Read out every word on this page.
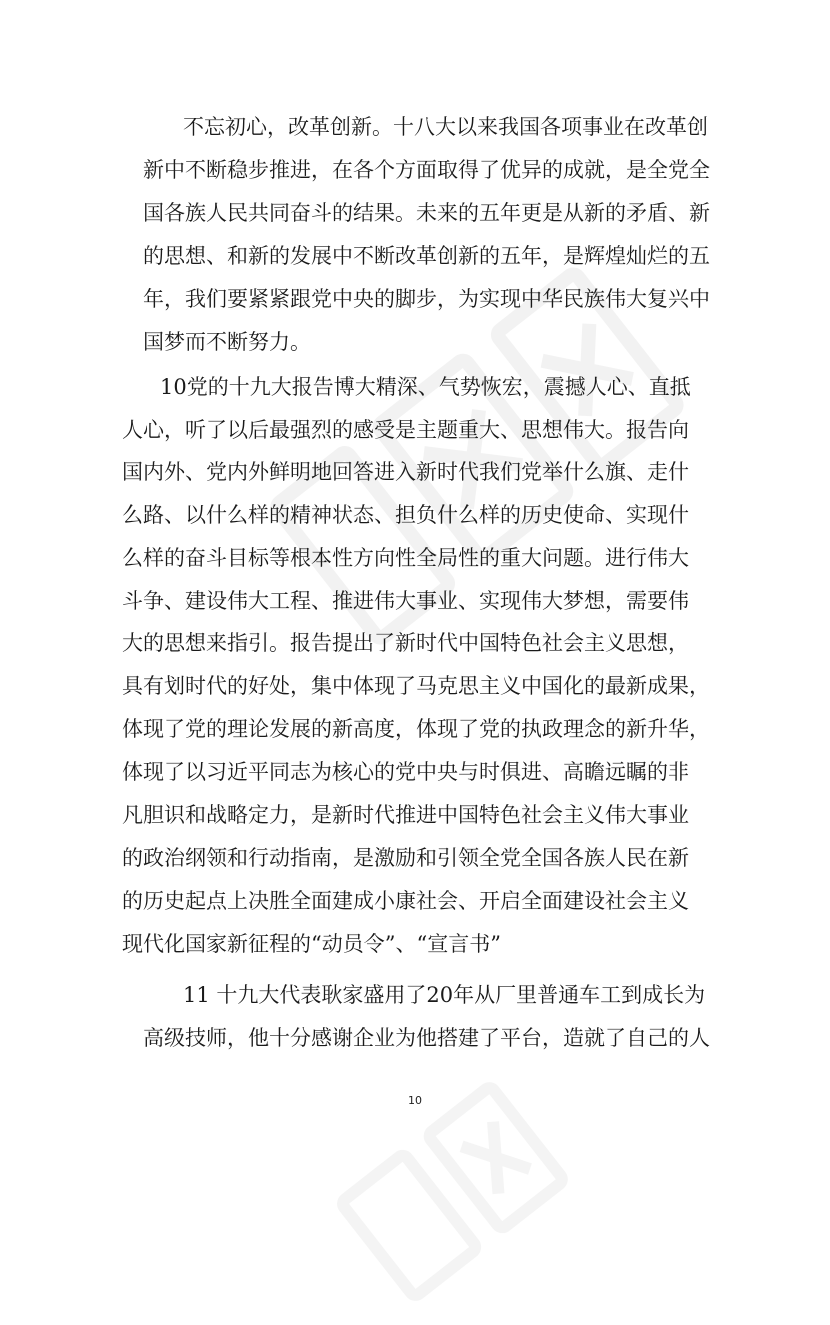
不忘初心，改革创新。十八大以来我国各项事业在改革创
新中不断稳步推进，在各个方面取得了优异的成就，是全党全
国各族人民共同奋斗的结果。未来的五年更是从新的矛盾、新
的思想、和新的发展中不断改革创新的五年，是辉煌灿烂的五
年，我们要紧紧跟党中央的脚步，为实现中华民族伟大复兴中
国梦而不断努力。
10党的十九大报告博大精深、气势恢宏，震撼人心、直抵
人心，听了以后最强烈的感受是主题重大、思想伟大。报告向
国内外、党内外鲜明地回答进入新时代我们党举什么旗、走什
么路、以什么样的精神状态、担负什么样的历史使命、实现什
么样的奋斗目标等根本性方向性全局性的重大问题。进行伟大
斗争、建设伟大工程、推进伟大事业、实现伟大梦想，需要伟
大的思想来指引。报告提出了新时代中国特色社会主义思想，
具有划时代的好处，集中体现了马克思主义中国化的最新成果，
体现了党的理论发展的新高度，体现了党的执政理念的新升华，
体现了以习近平同志为核心的党中央与时俱进、高瞻远瞩的非
凡胆识和战略定力，是新时代推进中国特色社会主义伟大事业
的政治纲领和行动指南，是激励和引领全党全国各族人民在新
的历史起点上决胜全面建成小康社会、开启全面建设社会主义
现代化国家新征程的“动员令”、“宣言书”
11 十九大代表耿家盛用了20年从厂里普通车工到成长为
高级技师，他十分感谢企业为他搭建了平台，造就了自己的人
10
